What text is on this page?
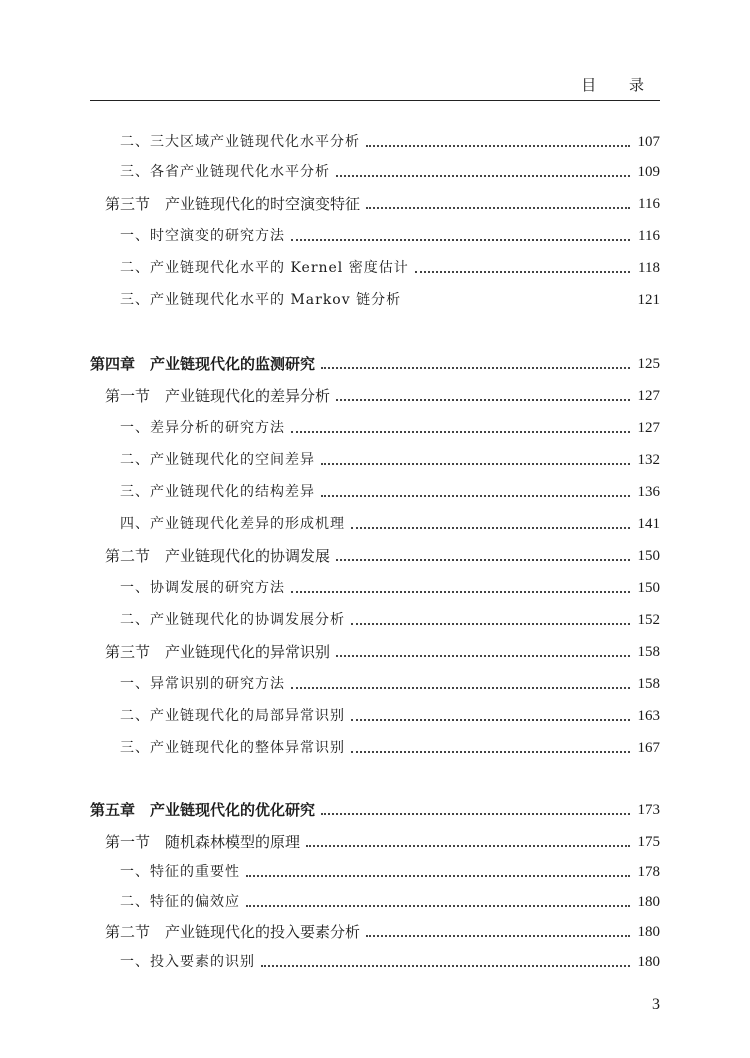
目 录
二、三大区域产业链现代化水平分析	107
三、各省产业链现代化水平分析	109
第三节　产业链现代化的时空演变特征	116
一、时空演变的研究方法	116
二、产业链现代化水平的 Kernel 密度估计	118
三、产业链现代化水平的 Markov 链分析	121
第四章　产业链现代化的监测研究	125
第一节　产业链现代化的差异分析	127
一、差异分析的研究方法	127
二、产业链现代化的空间差异	132
三、产业链现代化的结构差异	136
四、产业链现代化差异的形成机理	141
第二节　产业链现代化的协调发展	150
一、协调发展的研究方法	150
二、产业链现代化的协调发展分析	152
第三节　产业链现代化的异常识别	158
一、异常识别的研究方法	158
二、产业链现代化的局部异常识别	163
三、产业链现代化的整体异常识别	167
第五章　产业链现代化的优化研究	173
第一节　随机森林模型的原理	175
一、特征的重要性	178
二、特征的偏效应	180
第二节　产业链现代化的投入要素分析	180
一、投入要素的识别	180
3
